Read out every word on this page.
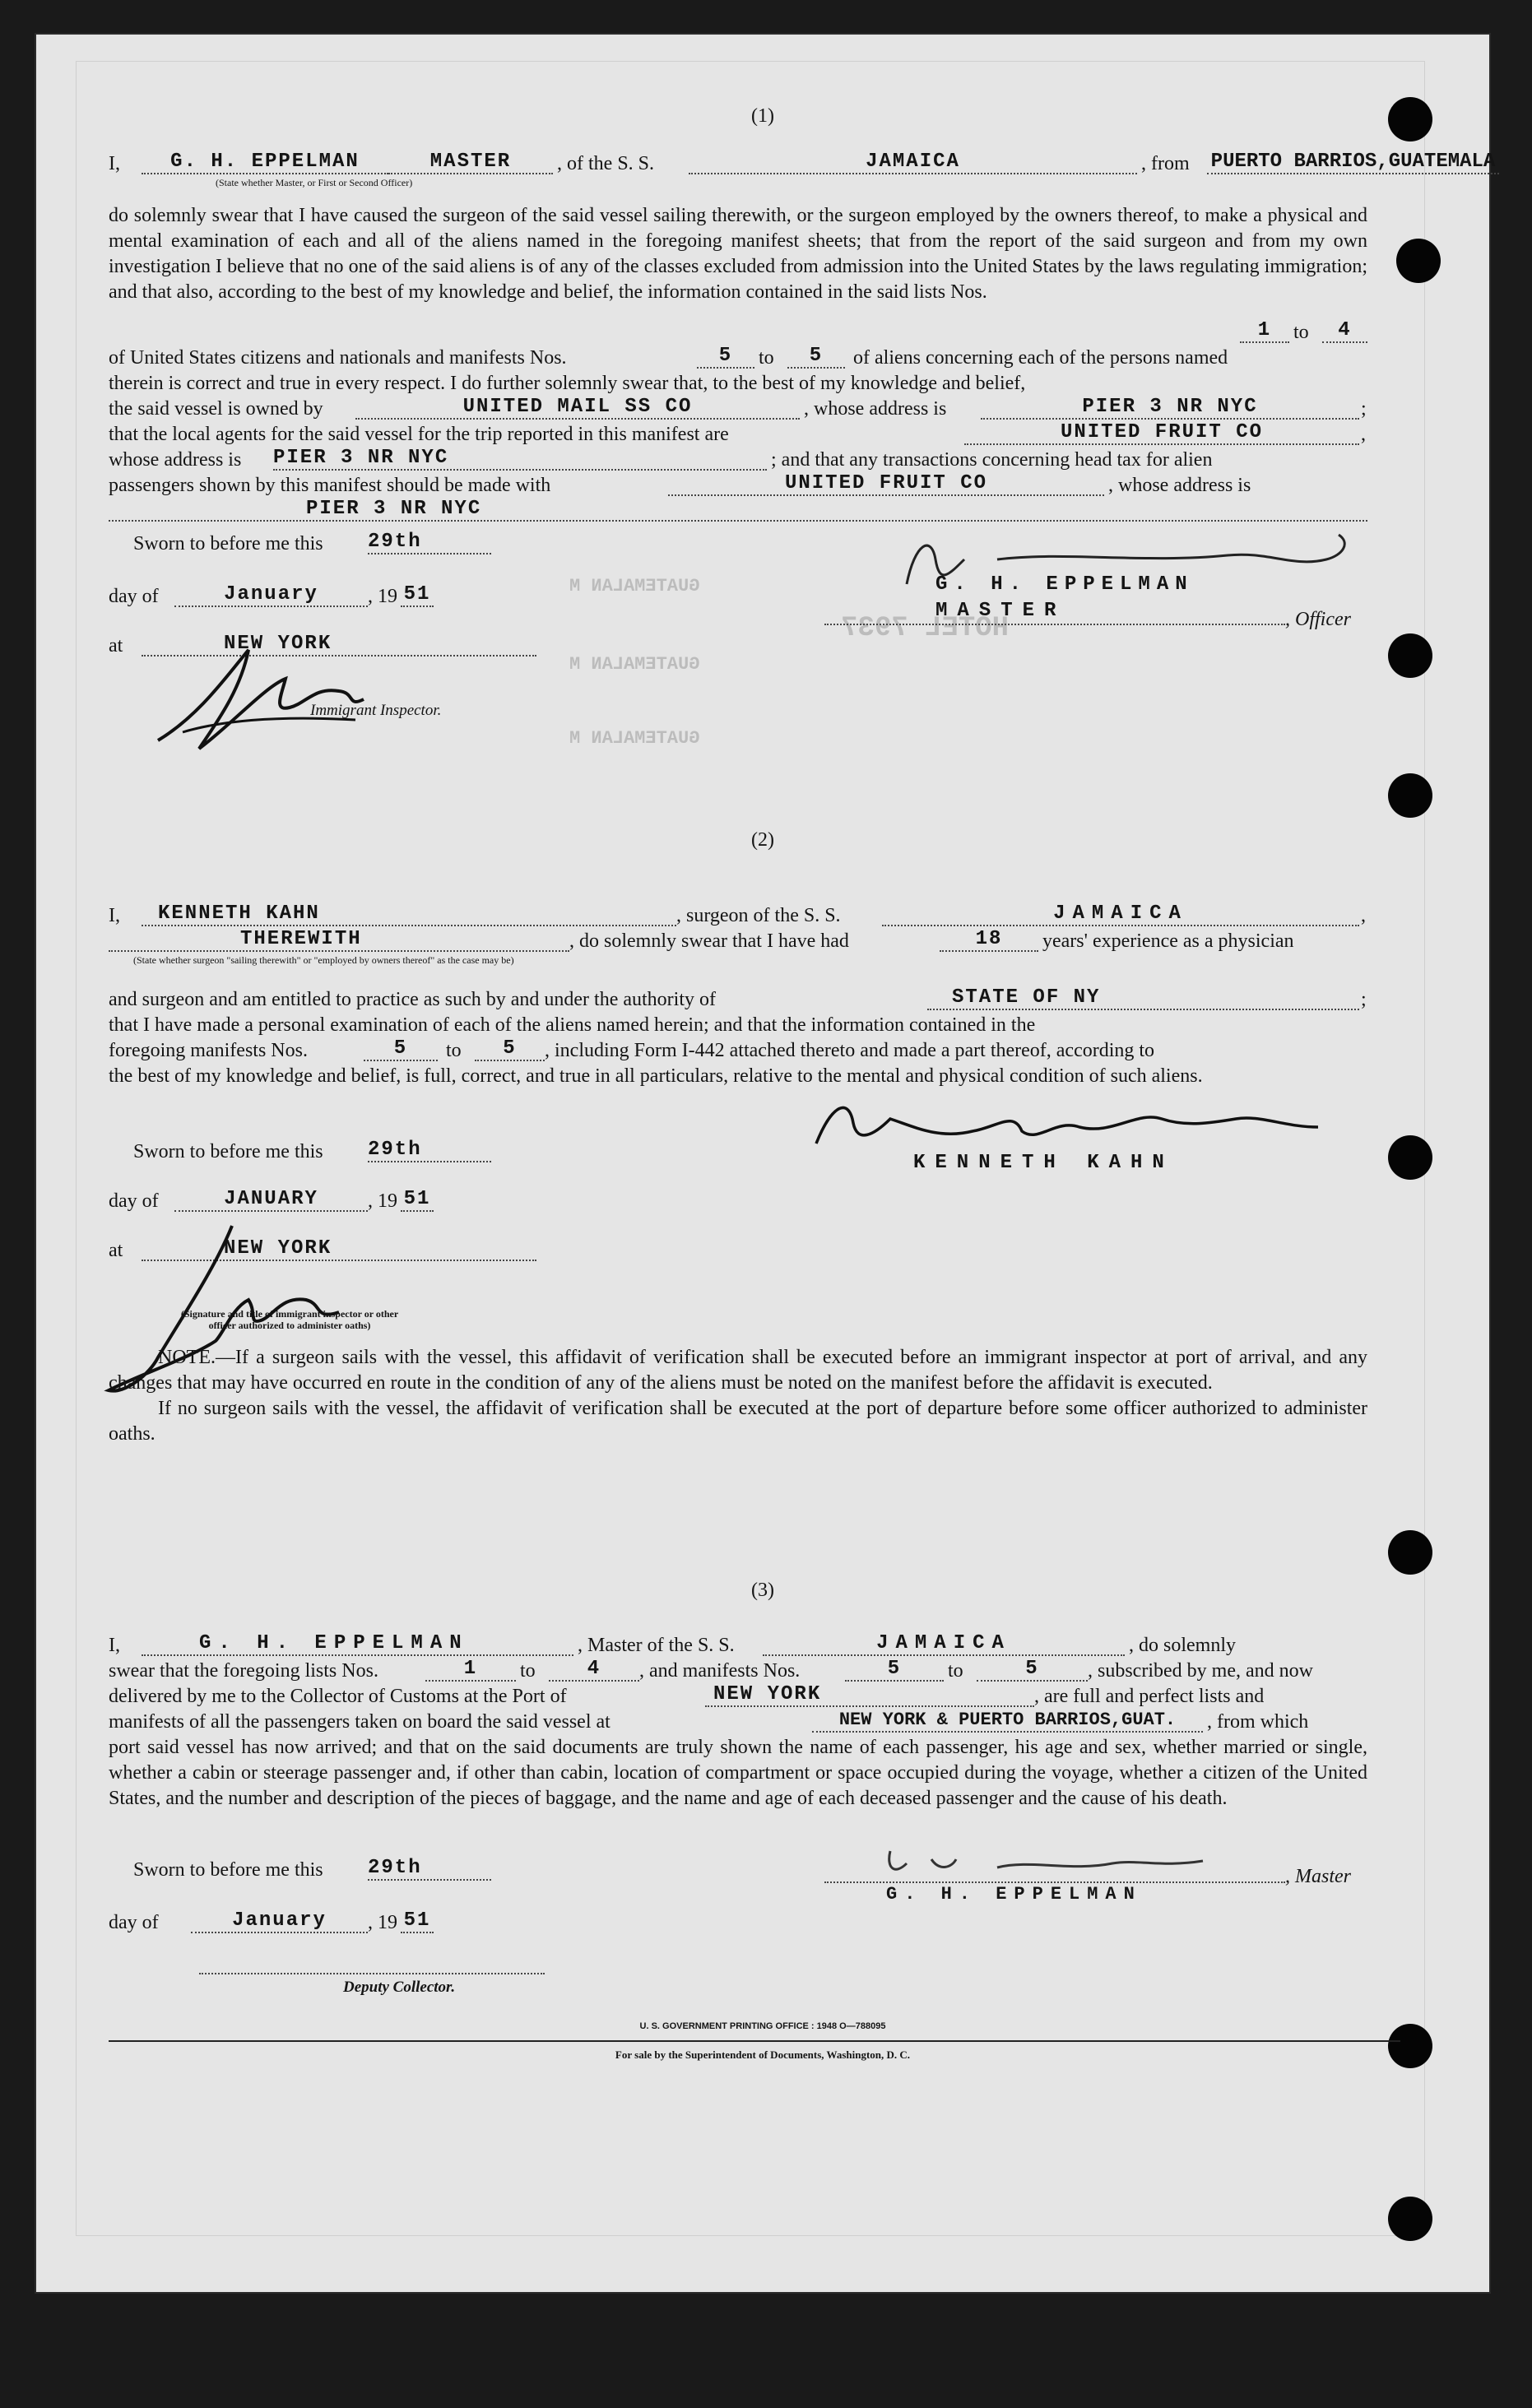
GUATEMALAN M
GUATEMALAN M
GUATEMALAN M
HOTEL 7937
(1)
I,	G. H. EPPELMAN	MASTER	, of the S. S.	JAMAICA	, from PUERTO BARRIOS,GUATEMALA
(State whether Master, or First or Second Officer)
do solemnly swear that I have caused the surgeon of the said vessel sailing therewith, or the surgeon employed by the owners thereof, to make a physical and mental examination of each and all of the aliens named in the foregoing manifest sheets; that from the report of the said surgeon and from my own investigation I believe that no one of the said aliens is of any of the classes excluded from admission into the United States by the laws regulating immigration; and that also, according to the best of my knowledge and belief, the information contained in the said lists Nos.
1	to	4
of United States citizens and nationals and manifests Nos.	5	to	5	of aliens concerning each of the persons named
therein is correct and true in every respect. I do further solemnly swear that, to the best of my knowledge and belief,
the said vessel is owned by	UNITED MAIL SS CO	, whose address is	PIER 3 NR NYC	;
that the local agents for the said vessel for the trip reported in this manifest are	UNITED FRUIT CO	,
whose address is PIER 3 NR NYC	; and that any transactions concerning head tax for alien
passengers shown by this manifest should be made with	UNITED FRUIT CO	, whose address is
PIER 3 NR NYC
Sworn to before me this 29th
day of	January	, 19 51
at	NEW YORK
Immigrant Inspector.
G. H. EPPELMAN
MASTER	, Officer
(2)
I,	KENNETH KAHN	, surgeon of the S. S.	JAMAICA	,
THEREWITH	, do solemnly swear that I have had	18	years' experience as a physician
(State whether surgeon "sailing therewith" or "employed by owners thereof" as the case may be)
and surgeon and am entitled to practice as such by and under the authority of	STATE OF NY	;
that I have made a personal examination of each of the aliens named herein; and that the information contained in the
foregoing manifests Nos.	5	to	5	, including Form I-442 attached thereto and made a part thereof, according to
the best of my knowledge and belief, is full, correct, and true in all particulars, relative to the mental and physical condition of such aliens.
Sworn to before me this 29th
day of	JANUARY	, 19 51
at	NEW YORK
(Signature and title of immigrant inspector or other officer authorized to administer oaths)
KENNETH KAHN
NOTE.—If a surgeon sails with the vessel, this affidavit of verification shall be executed before an immigrant inspector at port of arrival, and any changes that may have occurred en route in the condition of any of the aliens must be noted on the manifest before the affidavit is executed.
If no surgeon sails with the vessel, the affidavit of verification shall be executed at the port of departure before some officer authorized to administer oaths.
(3)
I,	G. H. EPPELMAN	, Master of the S. S.	JAMAICA	, do solemnly
swear that the foregoing lists Nos.	1	to	4	, and manifests Nos.	5	to	5	, subscribed by me, and now
delivered by me to the Collector of Customs at the Port of	NEW YORK	, are full and perfect lists and
manifests of all the passengers taken on board the said vessel at	NEW YORK & PUERTO BARRIOS,GUAT.	, from which
port said vessel has now arrived; and that on the said documents are truly shown the name of each passenger, his age and sex, whether married or single, whether a cabin or steerage passenger and, if other than cabin, location of compartment or space occupied during the voyage, whether a citizen of the United States, and the number and description of the pieces of baggage, and the name and age of each deceased passenger and the cause of his death.
Sworn to before me this 29th
day of	January	, 19 51
Deputy Collector.
, Master
G. H. EPPELMAN
U. S. GOVERNMENT PRINTING OFFICE : 1948 O—788095
For sale by the Superintendent of Documents, Washington, D. C.
